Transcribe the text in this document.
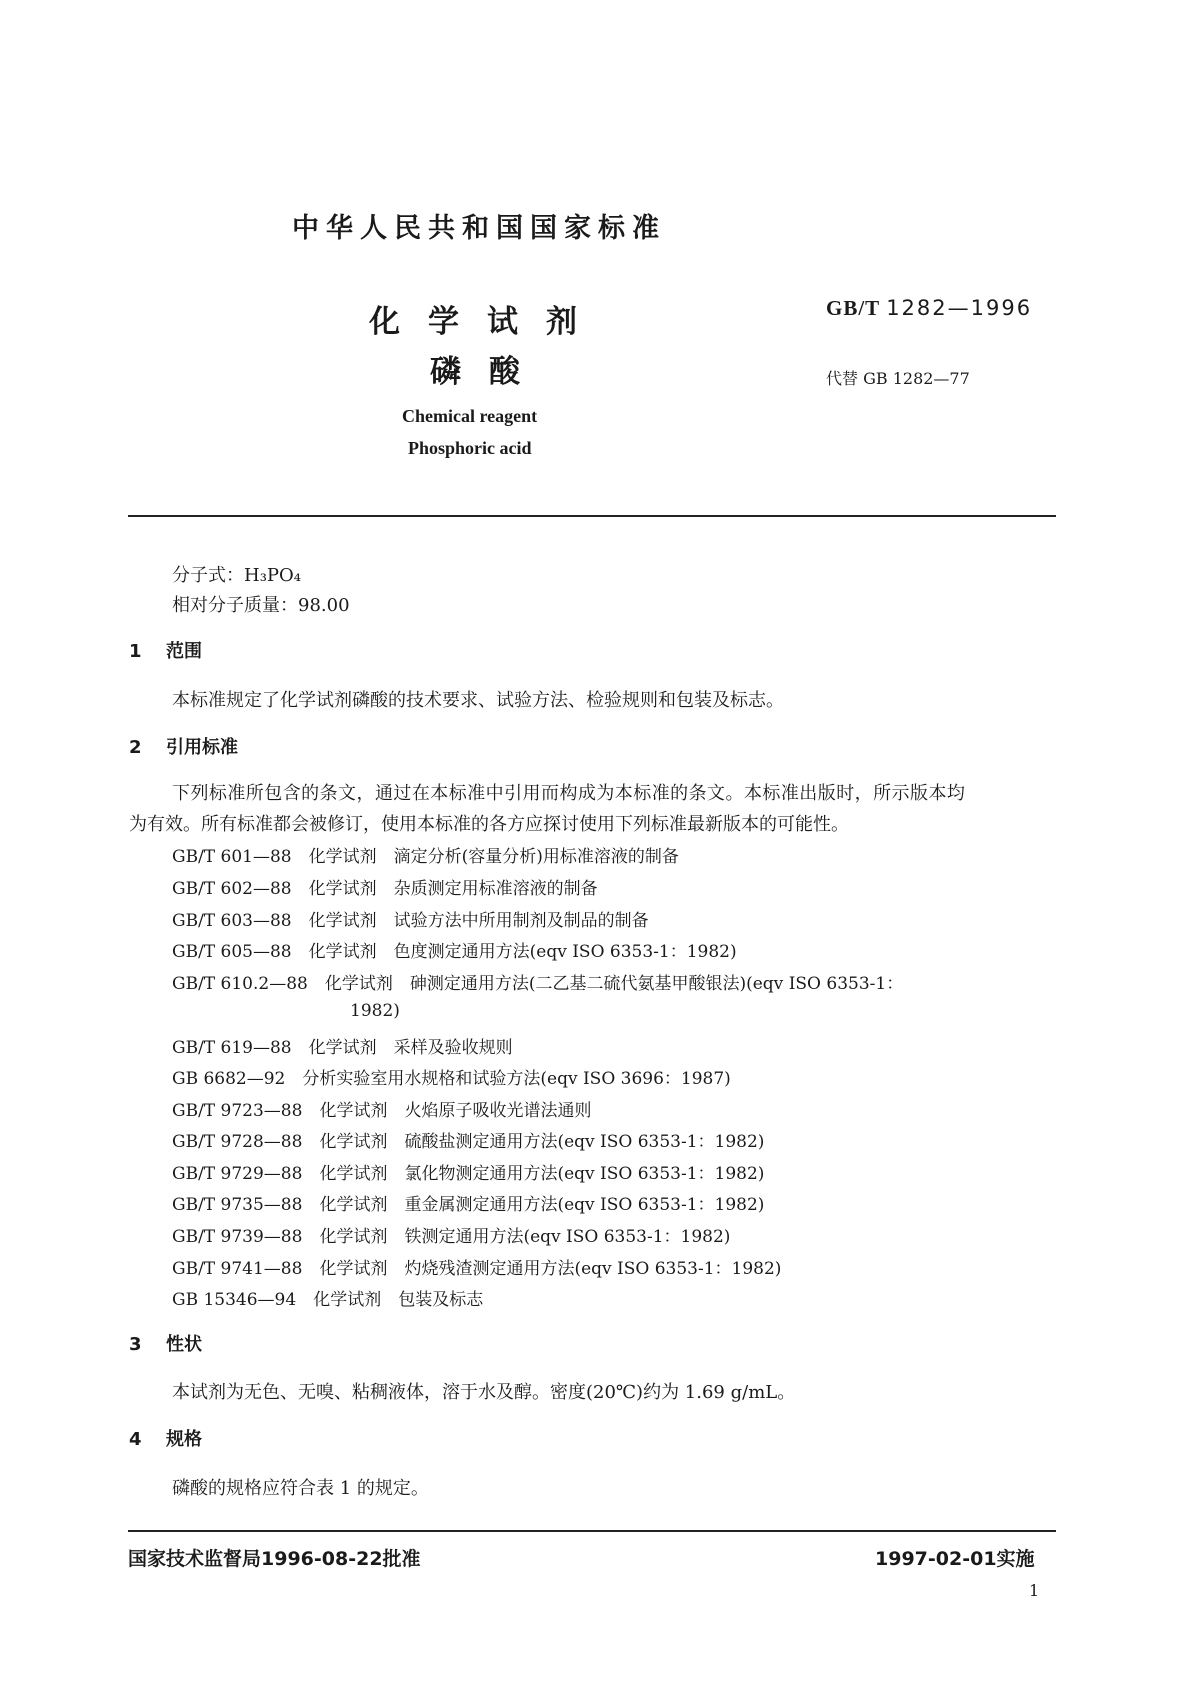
中华人民共和国国家标准
化学试剂
磷酸
GB/T 1282—1996
代替 GB 1282—77
Chemical reagent
Phosphoric acid
分子式：H₃PO₄
相对分子质量：98.00
1 范围
本标准规定了化学试剂磷酸的技术要求、试验方法、检验规则和包装及标志。
2 引用标准
下列标准所包含的条文，通过在本标准中引用而构成为本标准的条文。本标准出版时，所示版本均
为有效。所有标准都会被修订，使用本标准的各方应探讨使用下列标准最新版本的可能性。
GB/T 601—88　化学试剂　滴定分析(容量分析)用标准溶液的制备
GB/T 602—88　化学试剂　杂质测定用标准溶液的制备
GB/T 603—88　化学试剂　试验方法中所用制剂及制品的制备
GB/T 605—88　化学试剂　色度测定通用方法(eqv ISO 6353-1：1982)
GB/T 610.2—88　化学试剂　砷测定通用方法(二乙基二硫代氨基甲酸银法)(eqv ISO 6353-1：
1982)
GB/T 619—88　化学试剂　采样及验收规则
GB 6682—92　分析实验室用水规格和试验方法(eqv ISO 3696：1987)
GB/T 9723—88　化学试剂　火焰原子吸收光谱法通则
GB/T 9728—88　化学试剂　硫酸盐测定通用方法(eqv ISO 6353-1：1982)
GB/T 9729—88　化学试剂　氯化物测定通用方法(eqv ISO 6353-1：1982)
GB/T 9735—88　化学试剂　重金属测定通用方法(eqv ISO 6353-1：1982)
GB/T 9739—88　化学试剂　铁测定通用方法(eqv ISO 6353-1：1982)
GB/T 9741—88　化学试剂　灼烧残渣测定通用方法(eqv ISO 6353-1：1982)
GB 15346—94　化学试剂　包装及标志
3 性状
本试剂为无色、无嗅、粘稠液体，溶于水及醇。密度(20℃)约为 1.69 g/mL。
4 规格
磷酸的规格应符合表 1 的规定。
国家技术监督局1996-08-22批准	1997-02-01实施
1
